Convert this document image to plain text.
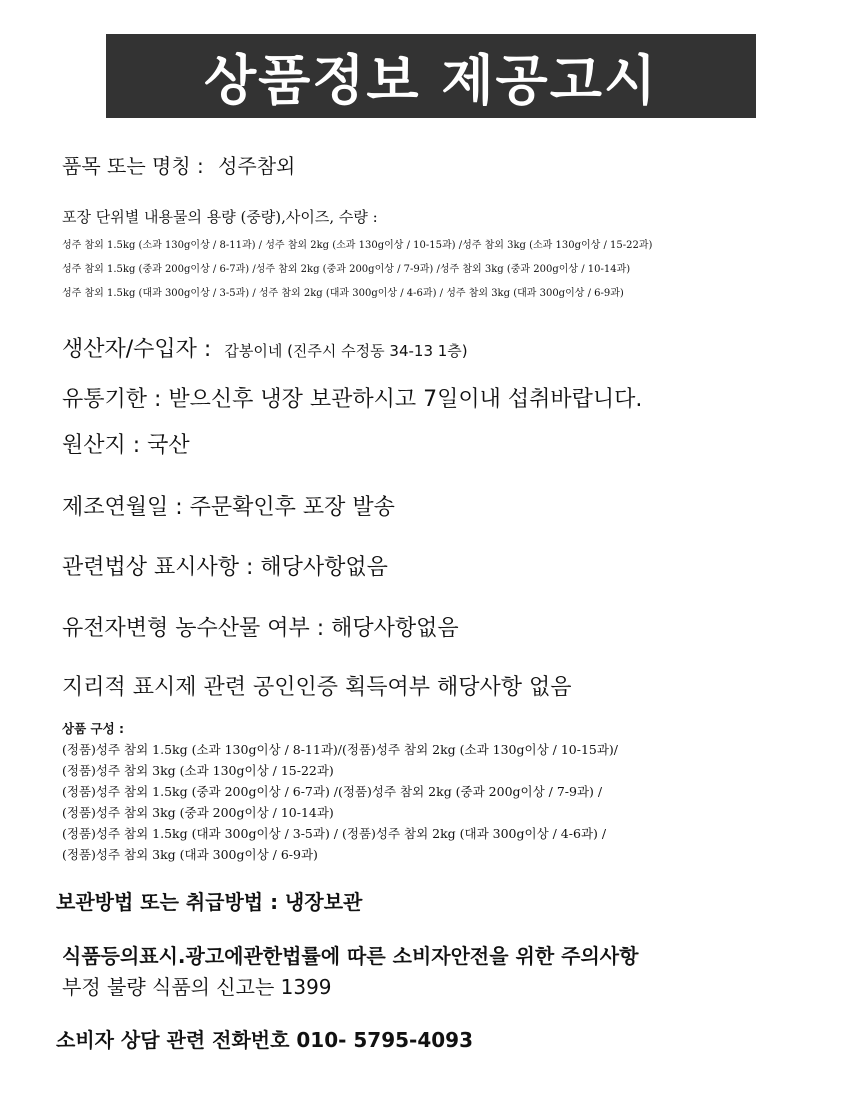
상품정보 제공고시
품목 또는 명칭 : 성주참외
포장 단위별 내용물의 용량 (중량),사이즈, 수량 :
성주 참외 1.5kg (소과 130g이상 / 8-11과) / 성주 참외 2kg (소과 130g이상 / 10-15과) /성주 참외 3kg (소과 130g이상 / 15-22과)
성주 참외 1.5kg (중과 200g이상 / 6-7과) /성주 참외 2kg (중과 200g이상 / 7-9과) /성주 참외 3kg (중과 200g이상 / 10-14과)
성주 참외 1.5kg (대과 300g이상 / 3-5과) / 성주 참외 2kg (대과 300g이상 / 4-6과) / 성주 참외 3kg (대과 300g이상 / 6-9과)
생산자/수입자 : 갑봉이네 (진주시 수정동 34-13 1층)
유통기한 : 받으신후 냉장 보관하시고 7일이내 섭취바랍니다.
원산지 : 국산
제조연월일 : 주문확인후 포장 발송
관련법상 표시사항 : 해당사항없음
유전자변형 농수산물 여부 : 해당사항없음
지리적 표시제 관련 공인인증 획득여부 해당사항 없음
상품 구성 :
(정품)성주 참외 1.5kg (소과 130g이상 / 8-11과)/(정품)성주 참외 2kg (소과 130g이상 / 10-15과)/
(정품)성주 참외 3kg (소과 130g이상 / 15-22과)
(정품)성주 참외 1.5kg (중과 200g이상 / 6-7과) /(정품)성주 참외 2kg (중과 200g이상 / 7-9과) /
(정품)성주 참외 3kg (중과 200g이상 / 10-14과)
(정품)성주 참외 1.5kg (대과 300g이상 / 3-5과) / (정품)성주 참외 2kg (대과 300g이상 / 4-6과) /
(정품)성주 참외 3kg (대과 300g이상 / 6-9과)
보관방법 또는 취급방법 : 냉장보관
식품등의표시.광고에관한법률에 따른 소비자안전을 위한 주의사항
부정 불량 식품의 신고는 1399
소비자 상담 관련 전화번호 010- 5795-4093
